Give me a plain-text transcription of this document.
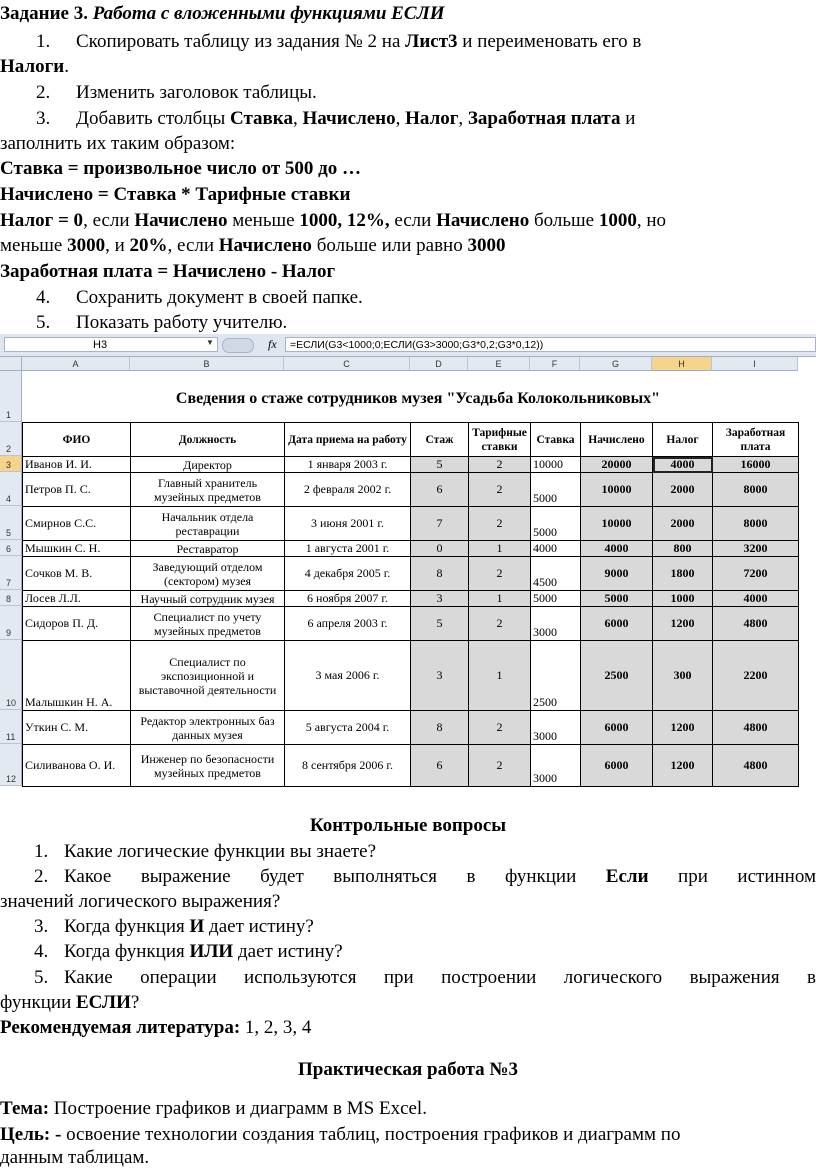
Задание 3. Работа с вложенными функциями ЕСЛИ
1. Скопировать таблицу из задания № 2 на Лист3 и переименовать его в
Налоги.
2. Изменить заголовок таблицы.
3. Добавить столбцы Ставка, Начислено, Налог, Заработная плата и
заполнить их таким образом:
Ставка = произвольное число от 500 до …
Начислено = Ставка * Тарифные ставки
Налог = 0, если Начислено меньше 1000, 12%, если Начислено больше 1000, но
меньше 3000, и 20%, если Начислено больше или равно 3000
Заработная плата = Начислено - Налог
4. Сохранить документ в своей папке.
5. Показать работу учителю.
H3	▼	fx	=ЕСЛИ(G3<1000;0;ЕСЛИ(G3>3000;G3*0,2;G3*0,12))
A	B	C	D	E	F	G	H	I
1
2
3
4
5
6
7
8
9
10
11
12
Сведения о стаже сотрудников музея "Усадьба Колокольниковых"
ФИО	Должность	Дата приема на работу	Стаж	Тарифные ставки	Ставка	Начислено	Налог	Заработная плата
Иванов И. И.	Директор	1 января 2003 г.	5	2	10000	20000	4000	16000
Петров П. С.	Главный хранитель музейных предметов	2 февраля 2002 г.	6	2	5000	10000	2000	8000
Смирнов С.С.	Начальник отдела реставрации	3 июня 2001 г.	7	2	5000	10000	2000	8000
Мышкин С. Н.	Реставратор	1 августа 2001 г.	0	1	4000	4000	800	3200
Сочков М. В.	Заведующий отделом (сектором) музея	4 декабря 2005 г.	8	2	4500	9000	1800	7200
Лосев Л.Л.	Научный сотрудник музея	6 ноября 2007 г.	3	1	5000	5000	1000	4000
Сидоров П. Д.	Специалист по учету музейных предметов	6 апреля 2003 г.	5	2	3000	6000	1200	4800
Малышкин Н. А.	Специалист по экспозиционной и выставочной деятельности	3 мая 2006 г.	3	1	2500	2500	300	2200
Уткин С. М.	Редактор электронных баз данных музея	5 августа 2004 г.	8	2	3000	6000	1200	4800
Силиванова О. И.	Инженер по безопасности музейных предметов	8 сентября 2006 г.	6	2	3000	6000	1200	4800
Контрольные вопросы
1. Какие логические функции вы знаете?
2. Какое выражение будет выполняться в функции Если при истинном
значений логического выражения?
3. Когда функция И дает истину?
4. Когда функция ИЛИ дает истину?
5. Какие операции используются при построении логического выражения в
функции ЕСЛИ?
Рекомендуемая литература: 1, 2, 3, 4
Практическая работа №3
Тема: Построение графиков и диаграмм в MS Excel.
Цель: - освоение технологии создания таблиц, построения графиков и диаграмм по
данным таблицам.
